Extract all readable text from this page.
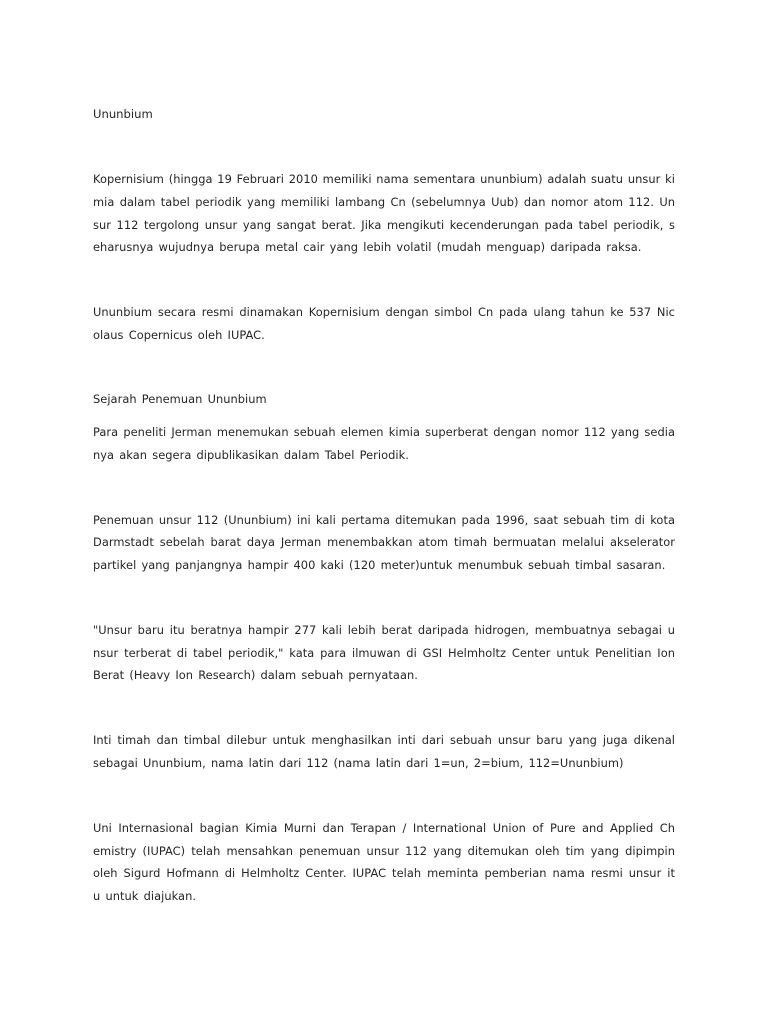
Ununbium
Kopernisium (hingga 19 Februari 2010 memiliki nama sementara ununbium) adalah suatu unsur ki
mia dalam tabel periodik yang memiliki lambang Cn (sebelumnya Uub) dan nomor atom 112. Un
sur 112 tergolong unsur yang sangat berat. Jika mengikuti kecenderungan pada tabel periodik, s
eharusnya wujudnya berupa metal cair yang lebih volatil (mudah menguap) daripada raksa.
Ununbium secara resmi dinamakan Kopernisium dengan simbol Cn pada ulang tahun ke 537 Nic
olaus Copernicus oleh IUPAC.
Sejarah Penemuan Ununbium
Para peneliti Jerman menemukan sebuah elemen kimia superberat dengan nomor 112 yang sedia
nya akan segera dipublikasikan dalam Tabel Periodik.
Penemuan unsur 112 (Ununbium) ini kali pertama ditemukan pada 1996, saat sebuah tim di kota
Darmstadt sebelah barat daya Jerman menembakkan atom timah bermuatan melalui akselerator
partikel yang panjangnya hampir 400 kaki (120 meter)untuk menumbuk sebuah timbal sasaran.
"Unsur baru itu beratnya hampir 277 kali lebih berat daripada hidrogen, membuatnya sebagai u
nsur terberat di tabel periodik," kata para ilmuwan di GSI Helmholtz Center untuk Penelitian Ion
Berat (Heavy Ion Research) dalam sebuah pernyataan.
Inti timah dan timbal dilebur untuk menghasilkan inti dari sebuah unsur baru yang juga dikenal
sebagai Ununbium, nama latin dari 112 (nama latin dari 1=un, 2=bium, 112=Ununbium)
Uni Internasional bagian Kimia Murni dan Terapan / International Union of Pure and Applied Ch
emistry (IUPAC) telah mensahkan penemuan unsur 112 yang ditemukan oleh tim yang dipimpin
oleh Sigurd Hofmann di Helmholtz Center. IUPAC telah meminta pemberian nama resmi unsur it
u untuk diajukan.
